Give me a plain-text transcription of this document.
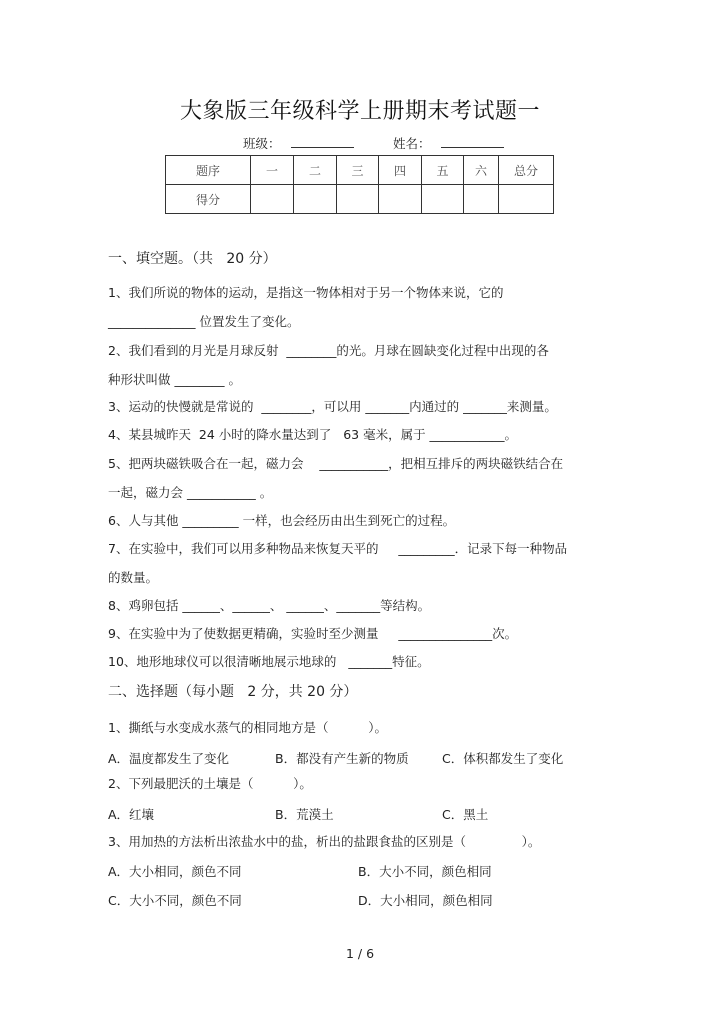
大象版三年级科学上册期末考试题一
班级：	姓名：
题序	一	二	三	四	五	六	总分
得分							
一、填空题。（共   20 分）
1、我们所说的物体的运动，是指这一物体相对于另一个物体来说，它的
______________ 位置发生了变化。
2、我们看到的月光是月球反射  ________的光。月球在圆缺变化过程中出现的各
种形状叫做 ________ 。
3、运动的快慢就是常说的  ________，可以用 _______内通过的 _______来测量。
4、某县城昨天  24 小时的降水量达到了   63 毫米，属于 ____________。
5、把两块磁铁吸合在一起，磁力会    ___________，把相互排斥的两块磁铁结合在
一起，磁力会 ___________ 。
6、人与其他 _________ 一样，也会经历由出生到死亡的过程。
7、在实验中，我们可以用多种物品来恢复天平的     _________．记录下每一种物品
的数量。
8、鸡卵包括 ______、______、 ______、_______等结构。
9、在实验中为了使数据更精确，实验时至少测量     _______________次。
10、地形地球仪可以很清晰地展示地球的   _______特征。
二、选择题（每小题   2 分，共 20 分）
1、撕纸与水变成水蒸气的相同地方是（          ）。
A．温度都发生了变化	B．都没有产生新的物质	C．体积都发生了变化
2、下列最肥沃的土壤是（          ）。
A．红壤	B．荒漠土	C．黑土
3、用加热的方法析出浓盐水中的盐，析出的盐跟食盐的区别是（              ）。
A．大小相同，颜色不同	B．大小不同，颜色相同
C．大小不同，颜色不同	D．大小相同，颜色相同
1 / 6
